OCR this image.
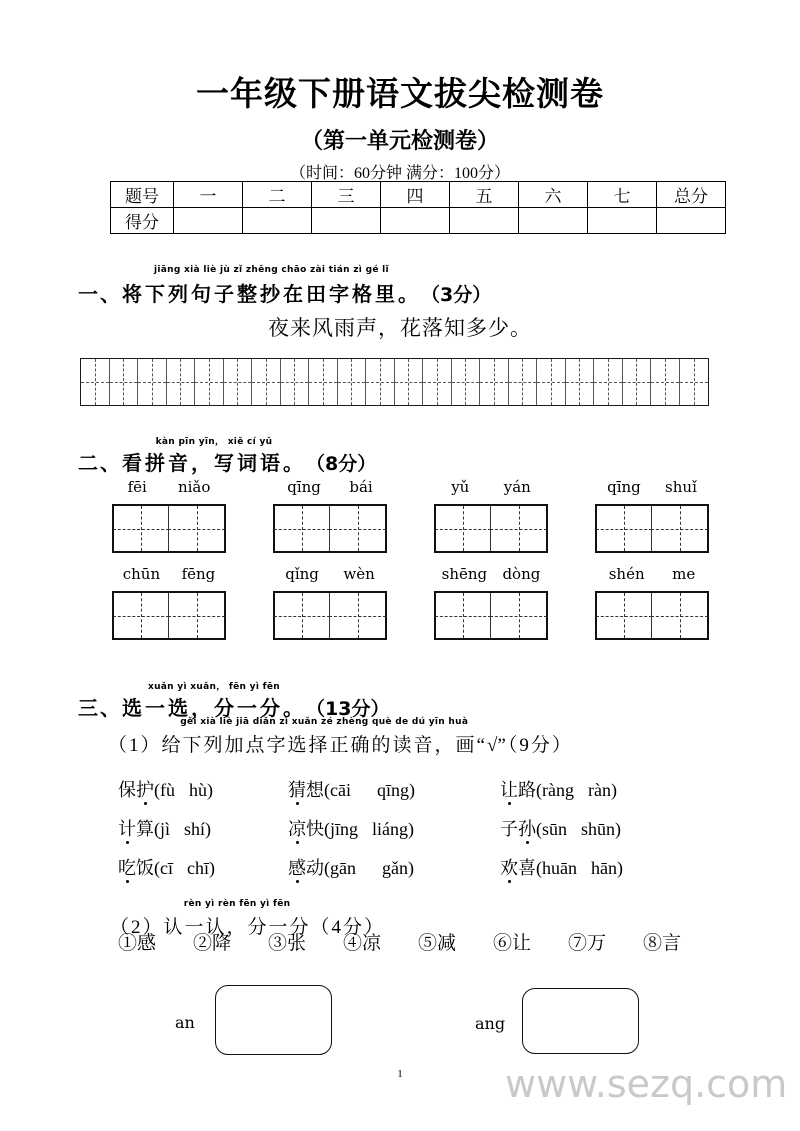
一年级下册语文拔尖检测卷
（第一单元检测卷）
（时间：60分钟 满分：100分）
题号	一	二	三	四	五	六	七	总分
得分								
一、
jiāng xià liè jù zǐ zhěng chāo zài tián zì gé lǐ
将下列句子整抄在田字格里。（3分）
夜来风雨声，花落知多少。
二、
kàn pīn yīn， xiě cí yǔ
看拼音，写词语。（8分）
fēi niǎo	qīng bái	yǔ yán	qīng shuǐ
chūn fēng	qǐng wèn	shēng dòng	shén me
三、
xuǎn yì xuǎn， fēn yì fēn
选一选，分一分。（13分）
（1）
gěi xià liè jiā diǎn zì xuǎn zé zhèng què de dú yīn huà
给下列加点字选择正确的读音，画“√”（9分）
保护(fù hù)	猜想(cāi qīng)	让路(ràng ràn)
计算(jì shí)	凉快(jīng liáng)	子孙(sūn shūn)
吃饭(cī chī)	感动(gān gǎn)	欢喜(huān hān)
（2）
rèn yì rèn fēn yì fēn
认一认，分一分（4分）
①感	②降	③张	④凉	⑤减	⑥让	⑦万	⑧言
an	ang
1	www.sezq.com
